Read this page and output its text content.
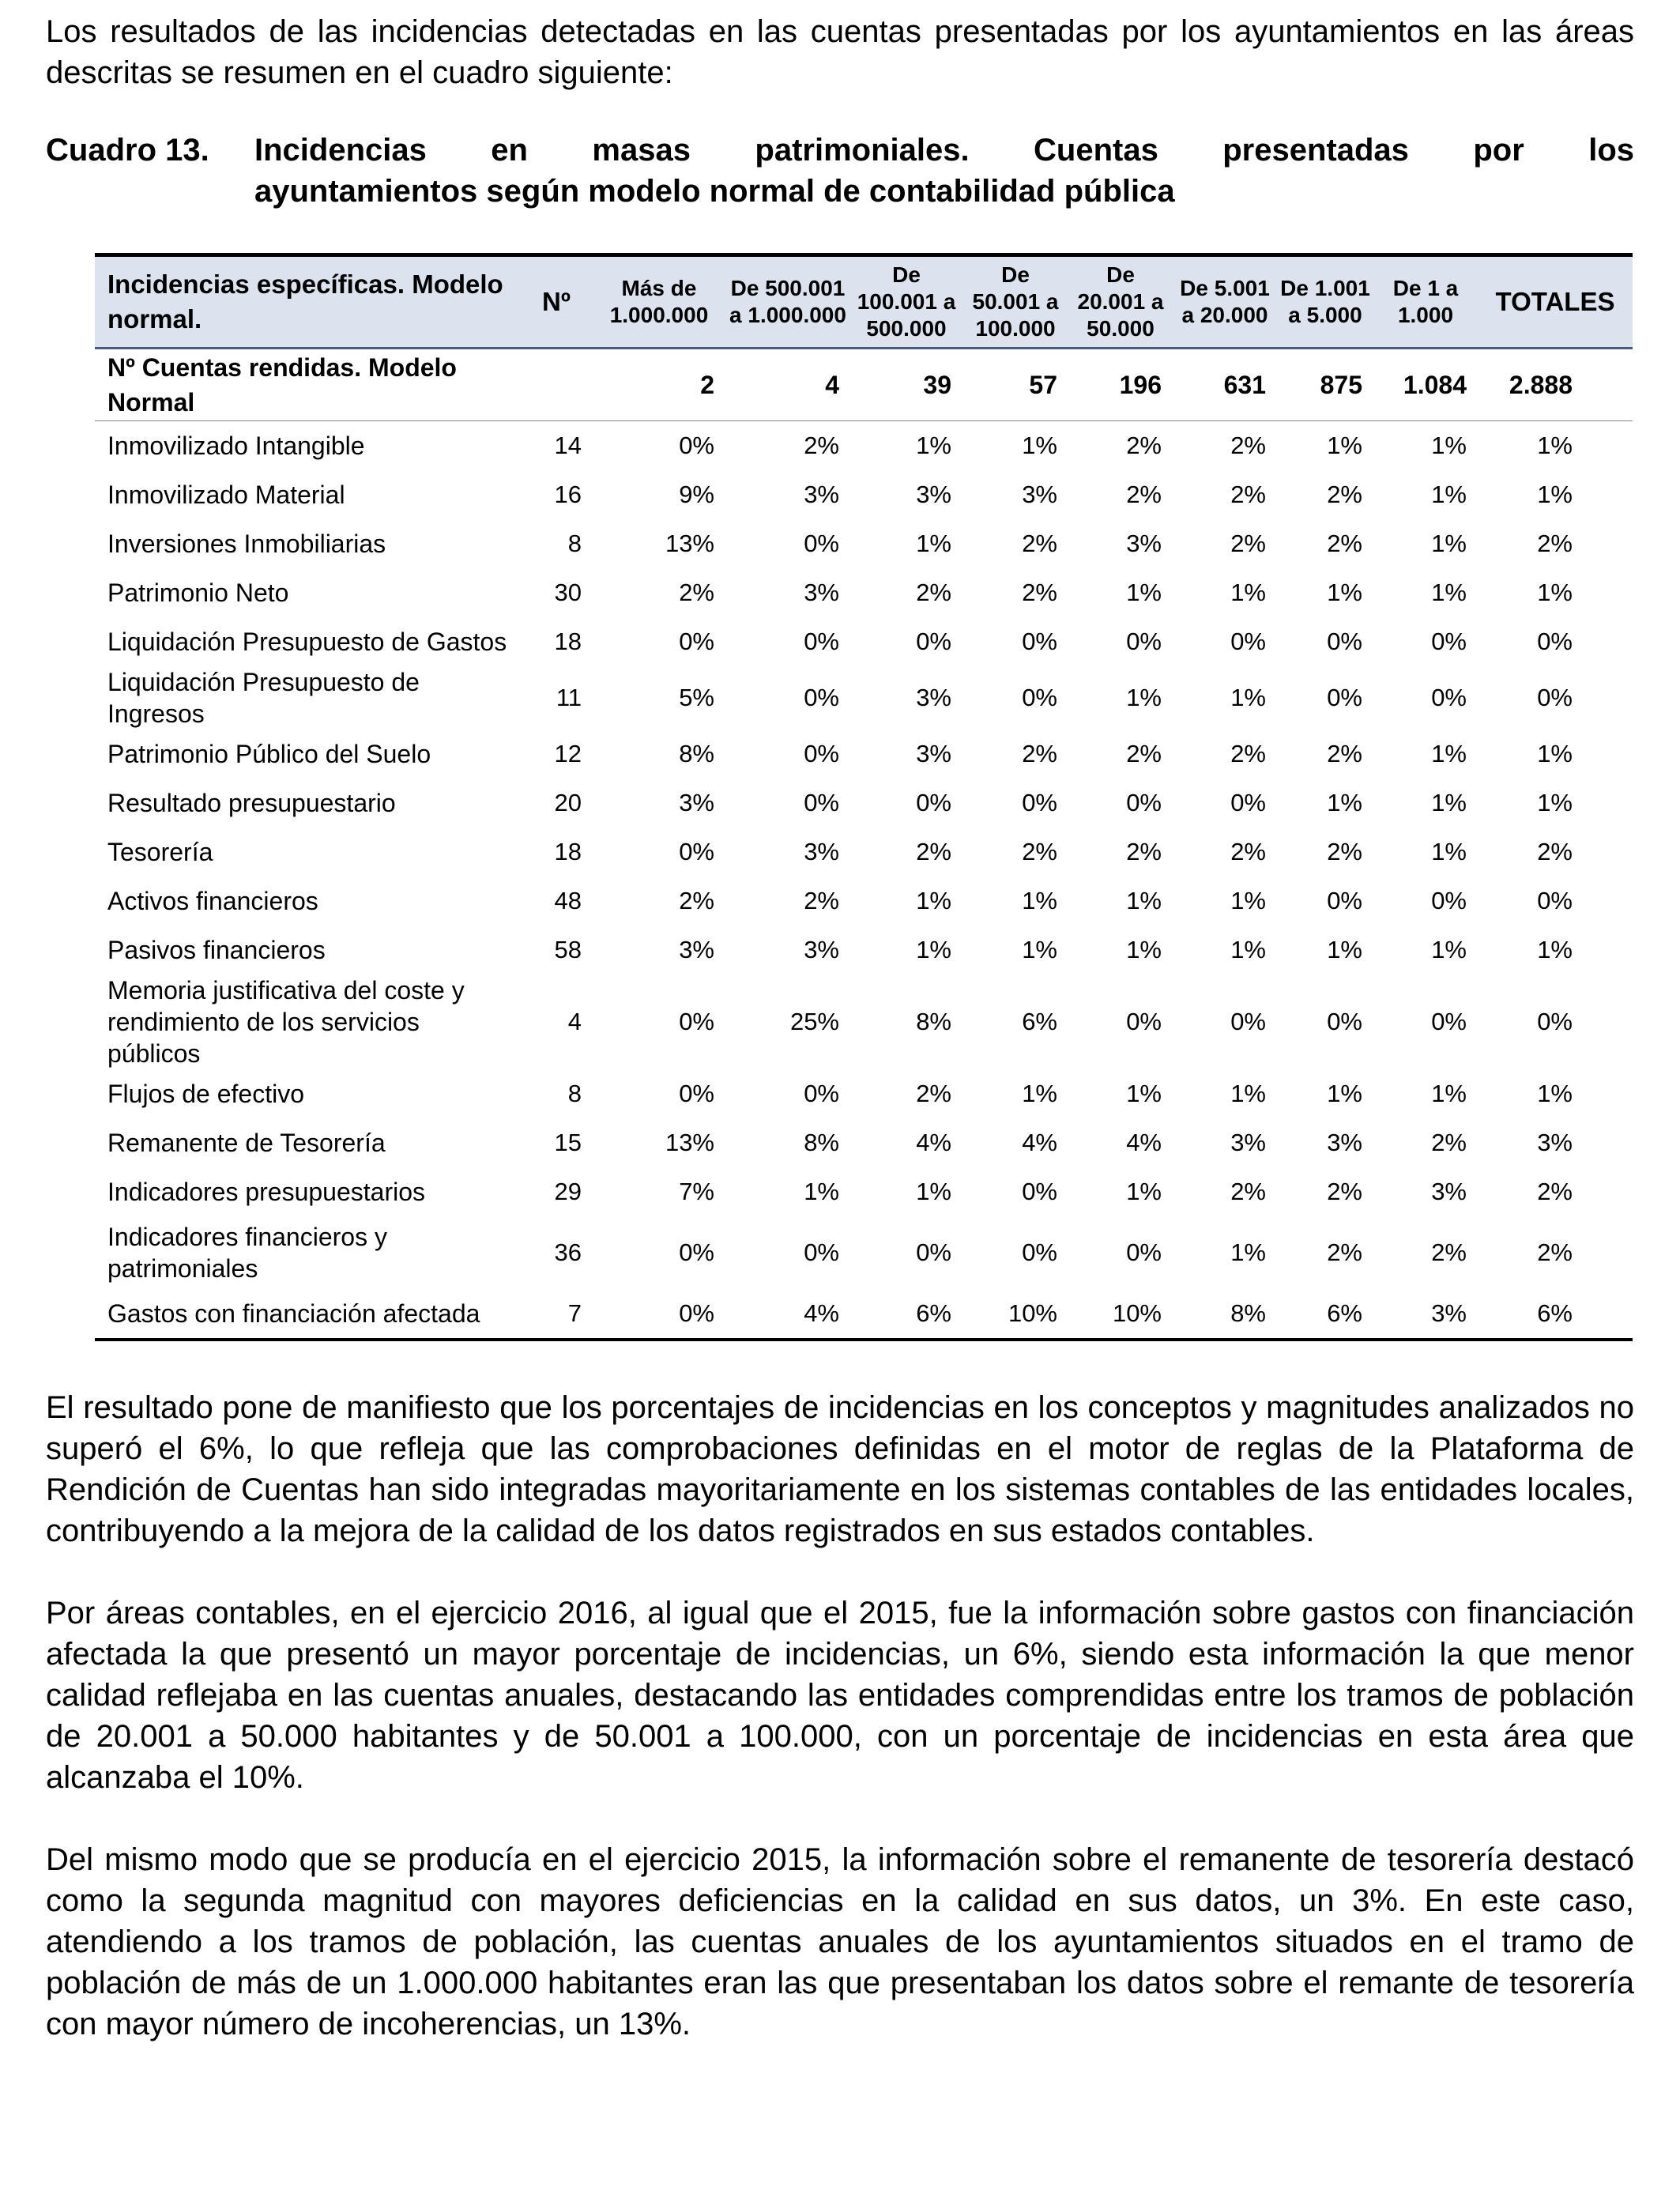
Los resultados de las incidencias detectadas en las cuentas presentadas por los ayuntamientos en las áreas descritas se resumen en el cuadro siguiente:

Cuadro 13.	Incidencias en masas patrimoniales. Cuentas presentadas por los
ayuntamientos según modelo normal de contabilidad pública
Incidencias específicas. Modelo normal.	Nº	Más de 1.000.000	De 500.001 a 1.000.000	De 100.001 a 500.000	De 50.001 a 100.000	De 20.001 a 50.000	De 5.001 a 20.000	De 1.001 a 5.000	De 1 a 1.000	TOTALES
Nº Cuentas rendidas. Modelo Normal		2	4	39	57	196	631	875	1.084	2.888
Inmovilizado Intangible	14	0%	2%	1%	1%	2%	2%	1%	1%	1%
Inmovilizado Material	16	9%	3%	3%	3%	2%	2%	2%	1%	1%
Inversiones Inmobiliarias	8	13%	0%	1%	2%	3%	2%	2%	1%	2%
Patrimonio Neto	30	2%	3%	2%	2%	1%	1%	1%	1%	1%
Liquidación Presupuesto de Gastos	18	0%	0%	0%	0%	0%	0%	0%	0%	0%
Liquidación Presupuesto de Ingresos	11	5%	0%	3%	0%	1%	1%	0%	0%	0%
Patrimonio Público del Suelo	12	8%	0%	3%	2%	2%	2%	2%	1%	1%
Resultado presupuestario	20	3%	0%	0%	0%	0%	0%	1%	1%	1%
Tesorería	18	0%	3%	2%	2%	2%	2%	2%	1%	2%
Activos financieros	48	2%	2%	1%	1%	1%	1%	0%	0%	0%
Pasivos financieros	58	3%	3%	1%	1%	1%	1%	1%	1%	1%
Memoria justificativa del coste y rendimiento de los servicios públicos	4	0%	25%	8%	6%	0%	0%	0%	0%	0%
Flujos de efectivo	8	0%	0%	2%	1%	1%	1%	1%	1%	1%
Remanente de Tesorería	15	13%	8%	4%	4%	4%	3%	3%	2%	3%
Indicadores presupuestarios	29	7%	1%	1%	0%	1%	2%	2%	3%	2%
Indicadores financieros y patrimoniales	36	0%	0%	0%	0%	0%	1%	2%	2%	2%
Gastos con financiación afectada	7	0%	4%	6%	10%	10%	8%	6%	3%	6%

El resultado pone de manifiesto que los porcentajes de incidencias en los conceptos y magnitudes analizados no superó el 6%, lo que refleja que las comprobaciones definidas en el motor de reglas de la Plataforma de Rendición de Cuentas han sido integradas mayoritariamente en los sistemas contables de las entidades locales, contribuyendo a la mejora de la calidad de los datos registrados en sus estados contables.

Por áreas contables, en el ejercicio 2016, al igual que el 2015, fue la información sobre gastos con financiación afectada la que presentó un mayor porcentaje de incidencias, un 6%, siendo esta información la que menor calidad reflejaba en las cuentas anuales, destacando las entidades comprendidas entre los tramos de población de 20.001 a 50.000 habitantes y de 50.001 a 100.000, con un porcentaje de incidencias en esta área que alcanzaba el 10%.

Del mismo modo que se producía en el ejercicio 2015, la información sobre el remanente de tesorería destacó como la segunda magnitud con mayores deficiencias en la calidad en sus datos, un 3%. En este caso, atendiendo a los tramos de población, las cuentas anuales de los ayuntamientos situados en el tramo de población de más de un 1.000.000 habitantes eran las que presentaban los datos sobre el remante de tesorería con mayor número de incoherencias, un 13%.
